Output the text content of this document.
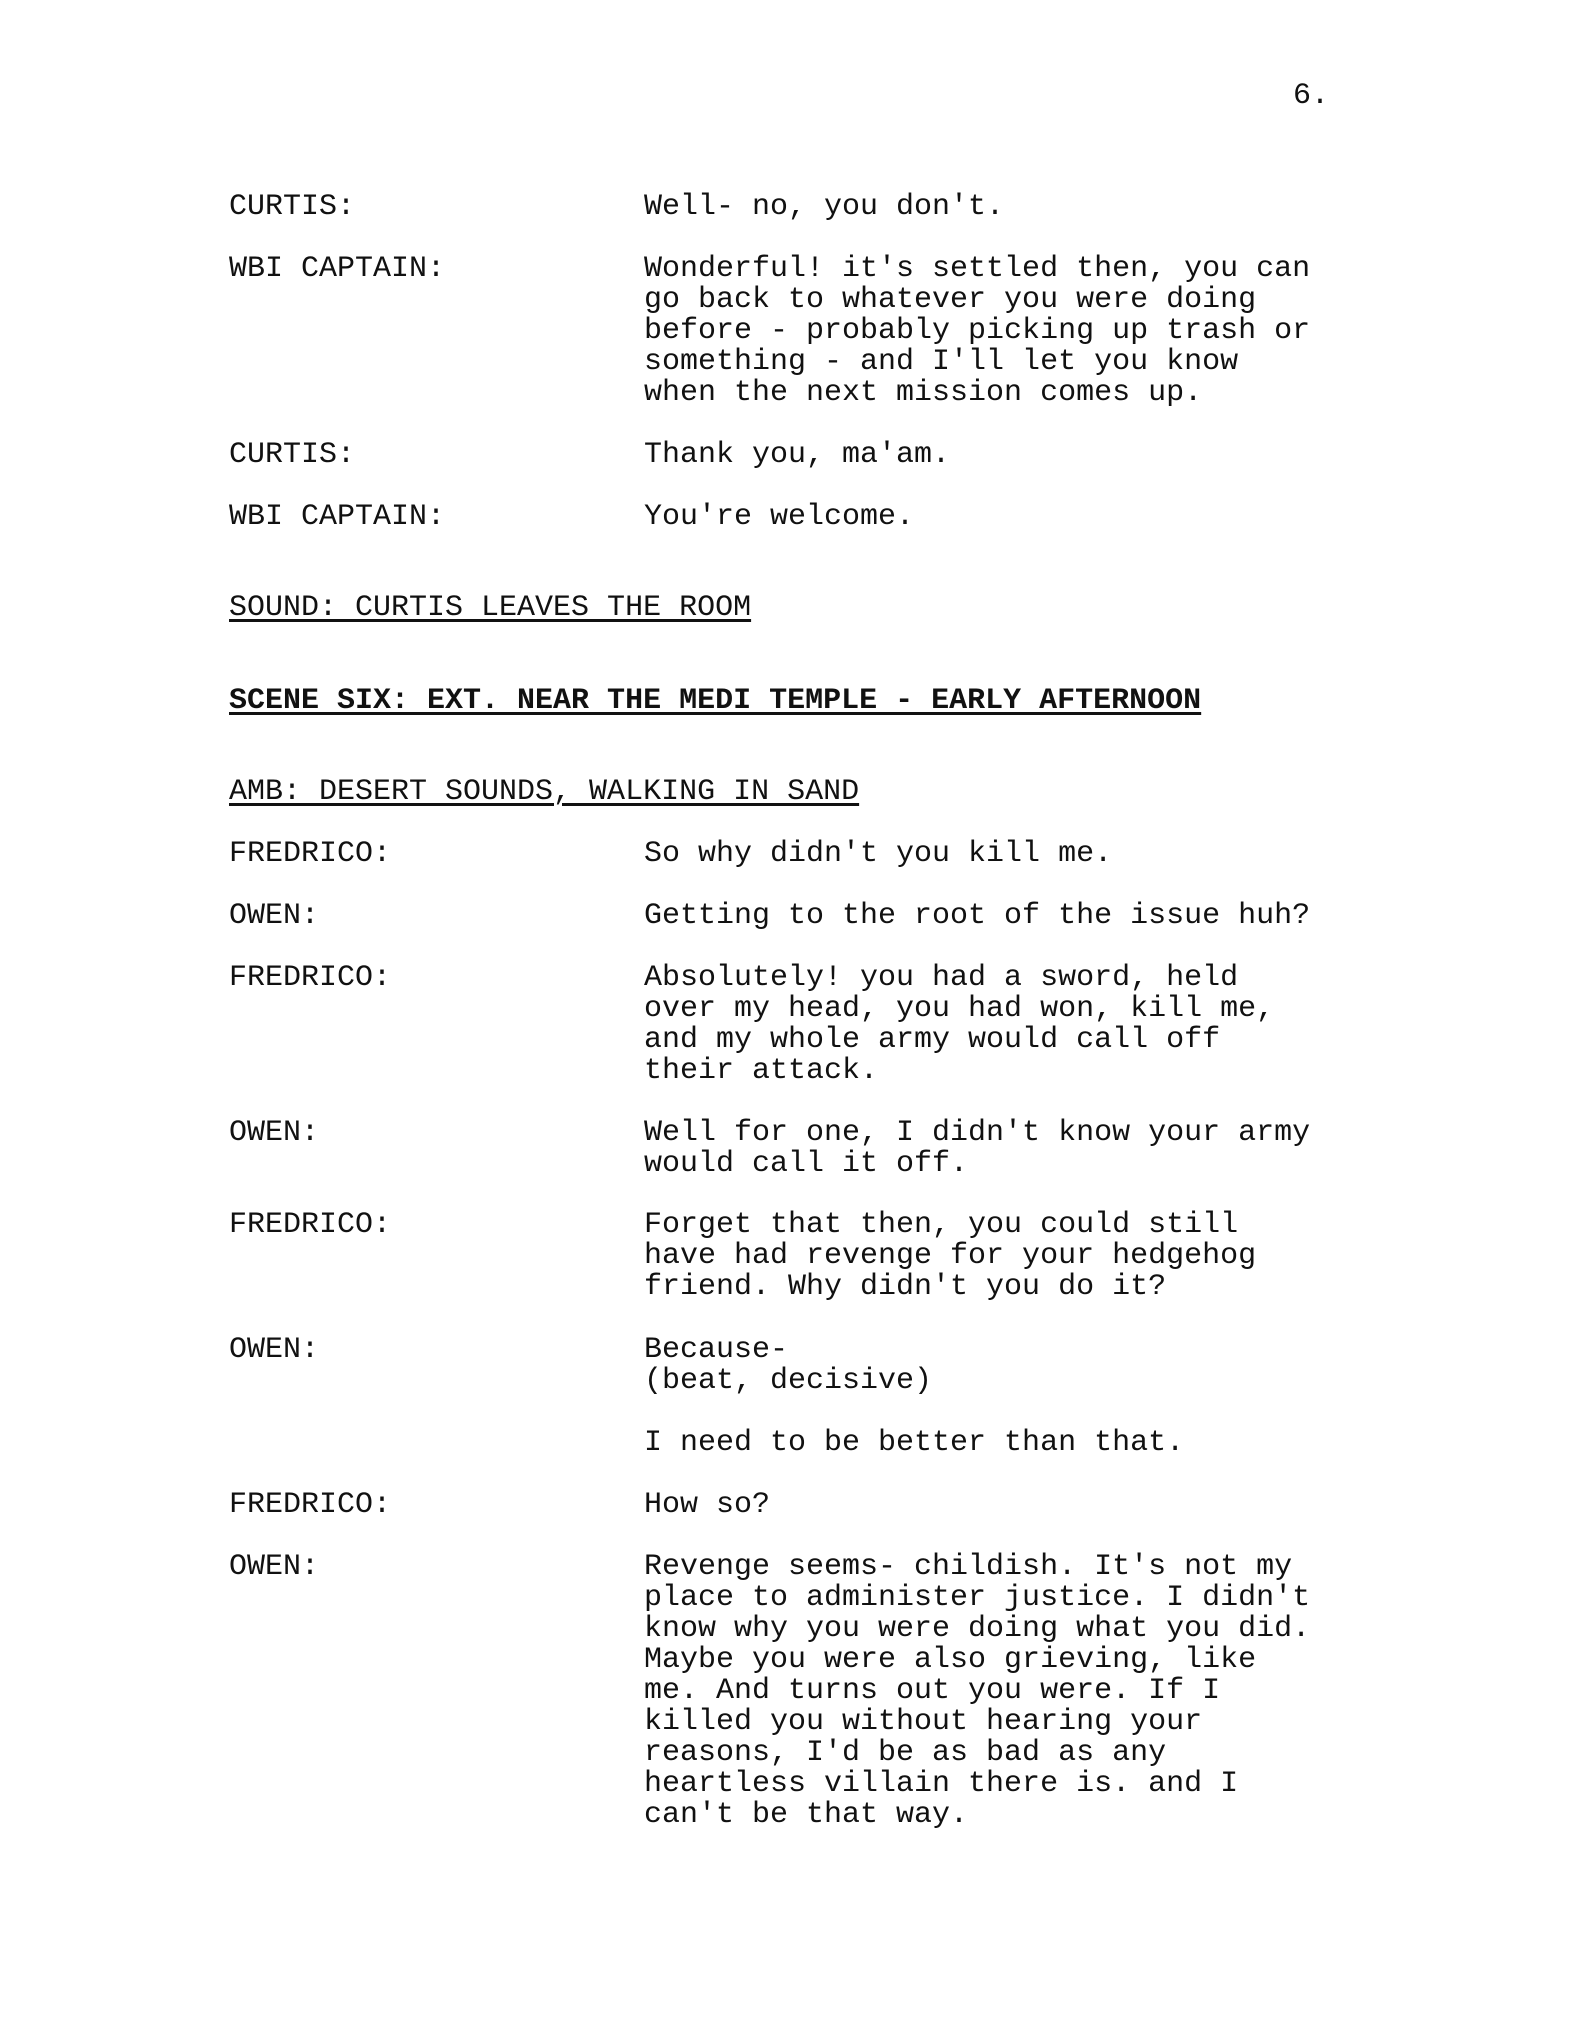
6.
CURTIS:	Well- no, you don't.
WBI CAPTAIN:	Wonderful! it's settled then, you can
go back to whatever you were doing
before - probably picking up trash or
something - and I'll let you know
when the next mission comes up.
CURTIS:	Thank you, ma'am.
WBI CAPTAIN:	You're welcome.
SOUND: CURTIS LEAVES THE ROOM
SCENE SIX: EXT. NEAR THE MEDI TEMPLE - EARLY AFTERNOON
AMB: DESERT SOUNDS, WALKING IN SAND
FREDRICO:	So why didn't you kill me.
OWEN:	Getting to the root of the issue huh?
FREDRICO:	Absolutely! you had a sword, held
over my head, you had won, kill me,
and my whole army would call off
their attack.
OWEN:	Well for one, I didn't know your army
would call it off.
FREDRICO:	Forget that then, you could still
have had revenge for your hedgehog
friend. Why didn't you do it?
OWEN:	Because-
(beat, decisive)
I need to be better than that.
FREDRICO:	How so?
OWEN:	Revenge seems- childish. It's not my
place to administer justice. I didn't
know why you were doing what you did.
Maybe you were also grieving, like
me. And turns out you were. If I
killed you without hearing your
reasons, I'd be as bad as any
heartless villain there is. and I
can't be that way.
